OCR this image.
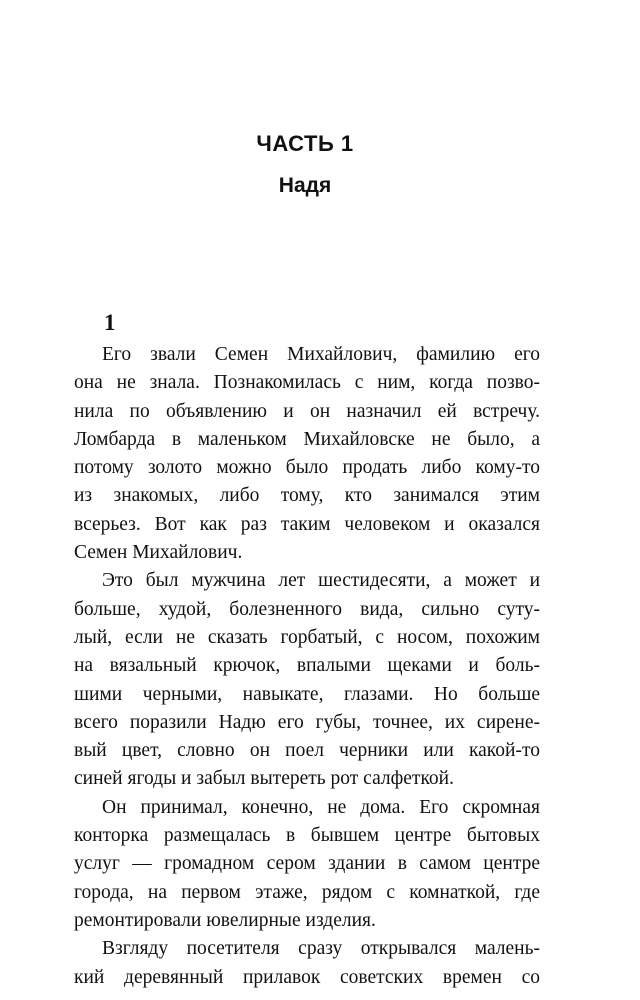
ЧАСТЬ 1
Надя
1
Его звали Семен Михайлович, фамилию его
она не знала. Познакомилась с ним, когда позво-
нила по объявлению и он назначил ей встречу.
Ломбарда в маленьком Михайловске не было, а
потому золото можно было продать либо кому-то
из знакомых, либо тому, кто занимался этим
всерьез. Вот как раз таким человеком и оказался
Семен Михайлович.
Это был мужчина лет шестидесяти, а может и
больше, худой, болезненного вида, сильно суту-
лый, если не сказать горбатый, с носом, похожим
на вязальный крючок, впалыми щеками и боль-
шими черными, навыкате, глазами. Но больше
всего поразили Надю его губы, точнее, их сирене-
вый цвет, словно он поел черники или какой-то
синей ягоды и забыл вытереть рот салфеткой.
Он принимал, конечно, не дома. Его скромная
конторка размещалась в бывшем центре бытовых
услуг — громадном сером здании в самом центре
города, на первом этаже, рядом с комнаткой, где
ремонтировали ювелирные изделия.
Взгляду посетителя сразу открывался малень-
кий деревянный прилавок советских времен со
